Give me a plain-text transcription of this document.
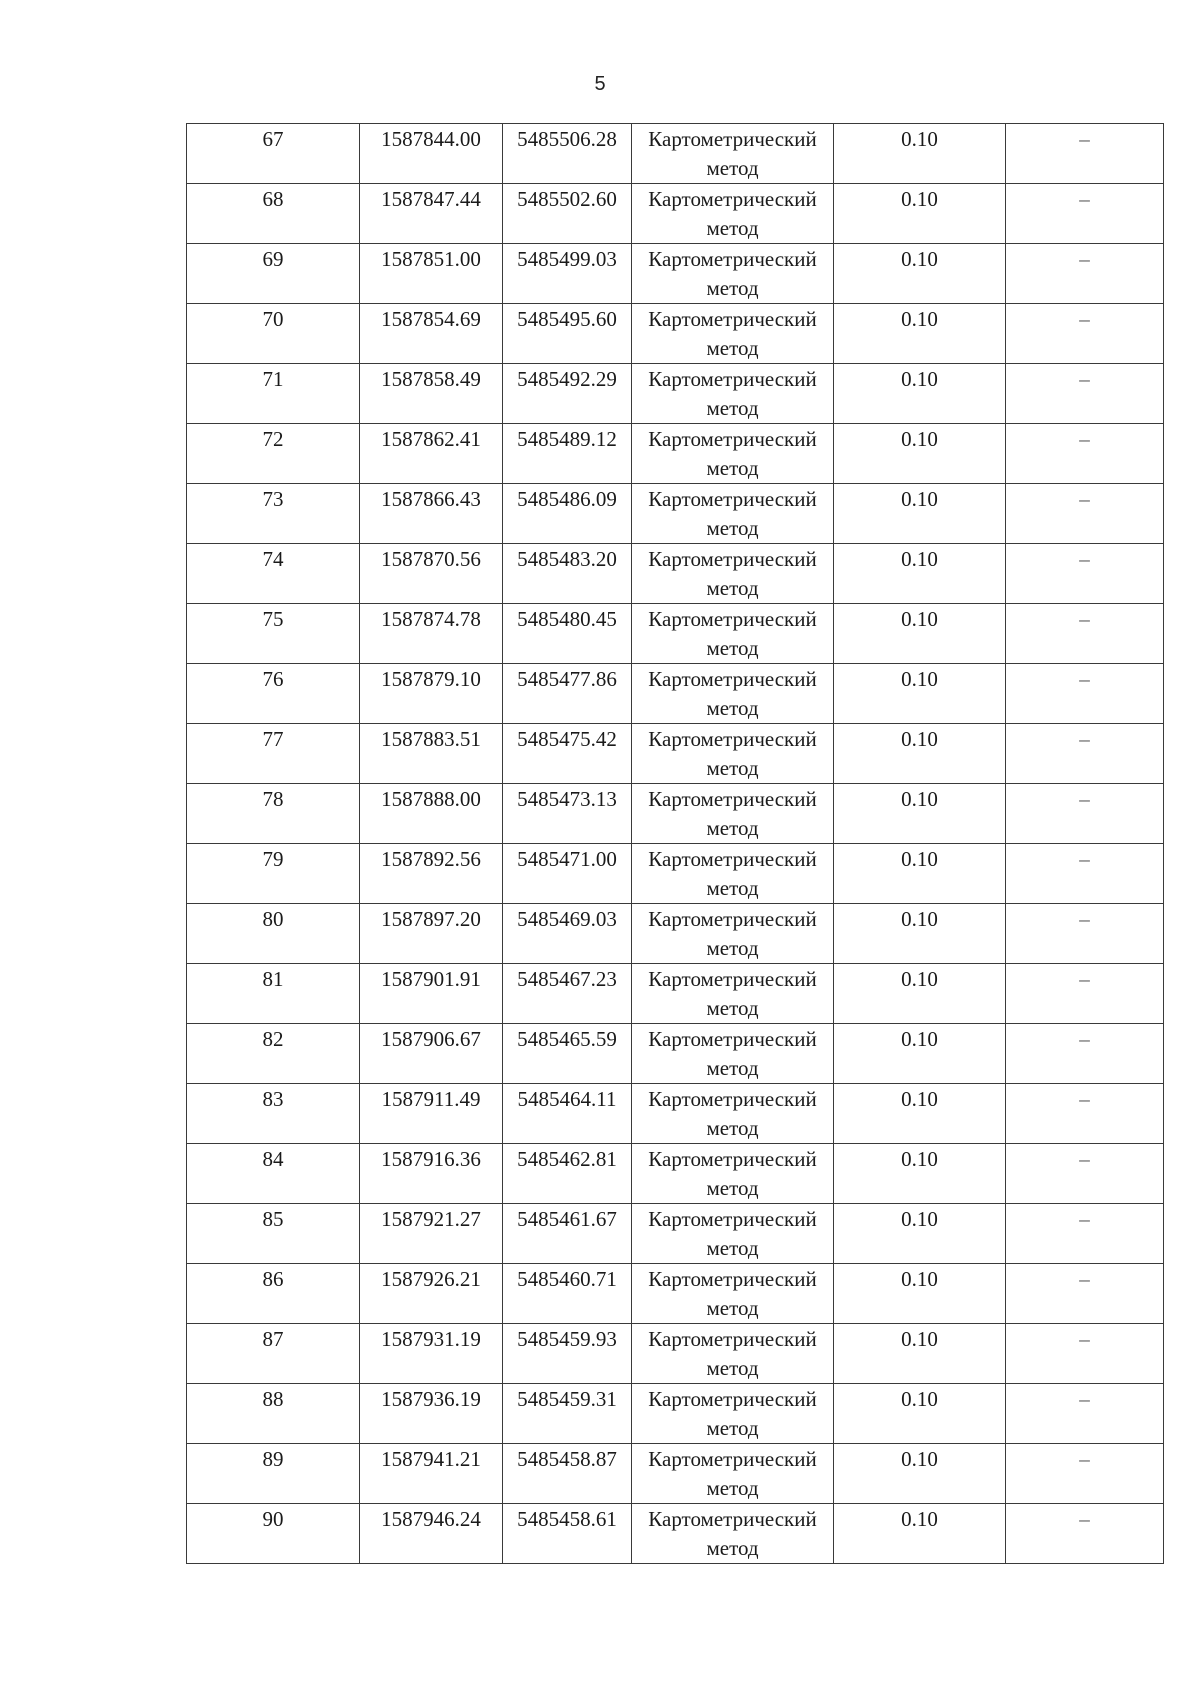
5
67	1587844.00	5485506.28	Картометрический метод	0.10	–

68	1587847.44	5485502.60	Картометрический метод	0.10	–

69	1587851.00	5485499.03	Картометрический метод	0.10	–

70	1587854.69	5485495.60	Картометрический метод	0.10	–

71	1587858.49	5485492.29	Картометрический метод	0.10	–

72	1587862.41	5485489.12	Картометрический метод	0.10	–

73	1587866.43	5485486.09	Картометрический метод	0.10	–

74	1587870.56	5485483.20	Картометрический метод	0.10	–

75	1587874.78	5485480.45	Картометрический метод	0.10	–

76	1587879.10	5485477.86	Картометрический метод	0.10	–

77	1587883.51	5485475.42	Картометрический метод	0.10	–

78	1587888.00	5485473.13	Картометрический метод	0.10	–

79	1587892.56	5485471.00	Картометрический метод	0.10	–

80	1587897.20	5485469.03	Картометрический метод	0.10	–

81	1587901.91	5485467.23	Картометрический метод	0.10	–

82	1587906.67	5485465.59	Картометрический метод	0.10	–

83	1587911.49	5485464.11	Картометрический метод	0.10	–

84	1587916.36	5485462.81	Картометрический метод	0.10	–

85	1587921.27	5485461.67	Картометрический метод	0.10	–

86	1587926.21	5485460.71	Картометрический метод	0.10	–

87	1587931.19	5485459.93	Картометрический метод	0.10	–

88	1587936.19	5485459.31	Картометрический метод	0.10	–

89	1587941.21	5485458.87	Картометрический метод	0.10	–

90	1587946.24	5485458.61	Картометрический метод	0.10	–
